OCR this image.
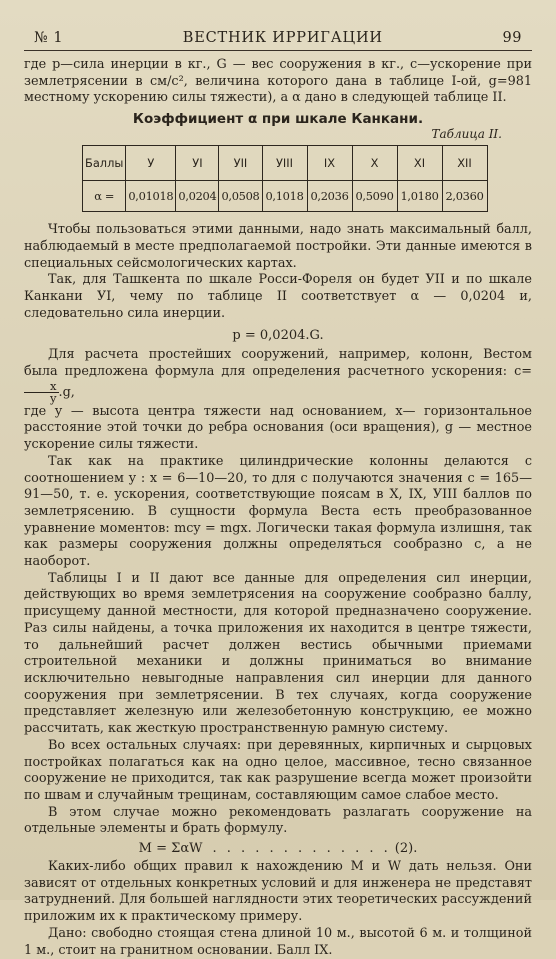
№ 1	ВЕСТНИК ИРРИГАЦИИ	99

где р—сила инерции в кг., G — вес сооружения в кг., с—ускорение при землетрясении в см/с², величина которого дана в таблице I-ой, g=981 местному ускорению силы тяжести), а α дано в следующей таблице II.

Коэффициент α при шкале Канкани.
Таблица II.
Баллы	У	УI	УII	УIII	IX	X	XI	XII
α =	0,01018	0,0204	0,0508	0,1018	0,2036	0,5090	1,0180	2,0360

Чтобы пользоваться этими данными, надо знать максимальный балл, наблюдаемый в месте предполагаемой постройки. Эти данные имеются в специальных сейсмологических картах.

Так, для Ташкента по шкале Росси-Фореля он будет УII и по шкале Канкани УI, чему по таблице II соответствует α — 0,0204 и, следовательно сила инерции.

р = 0,0204.G.

Для расчета простейших сооружений, например, колонн, Вестом была предложена формула для определения расчетного ускорения: с=
$\frac{x}{y} .g$,

где у — высота центра тяжести над основанием, х— горизонтальное расстояние этой точки до ребра основания (оси вращения), g — местное ускорение силы тяжести.

Так как на практике цилиндрические колонны делаются с соотношением у : х = 6—10—20, то для с получаются значения с = 165—91—50, т. е. ускорения, соответствующие поясам в X, IX, УIII баллов по землетрясению. В сущности формула Веста есть преобразованное уравнение моментов: mcy = mgx. Логически такая формула излишня, так как размеры сооружения должны определяться сообразно с, а не наоборот.

Таблицы I и II дают все данные для определения сил инерции, действующих во время землетрясения на сооружение сообразно баллу, присущему данной местности, для которой предназначено сооружение. Раз силы найдены, а точка приложения их находится в центре тяжести, то дальнейший расчет должен вестись обычными приемами строительной механики и должны приниматься во внимание исключительно невыгодные направления сил инерции для данного сооружения при землетрясении. В тех случаях, когда сооружение представляет железную или железобетонную конструкцию, ее можно рассчитать, как жесткую пространственную рамную систему.

Во всех остальных случаях: при деревянных, кирпичных и сырцовых постройках полагаться как на одно целое, массивное, тесно связанное сооружение не приходится, так как разрушение всегда может произойти по швам и случайным трещинам, составляющим самое слабое место.

В этом случае можно рекомендовать разлагать сооружение на отдельные элементы и брать формулу.

M = ΣαW . . . . . . . . . . . . . (2).

Каких-либо общих правил к нахождению M и W дать нельзя. Они зависят от отдельных конкретных условий и для инженера не представят затруднений. Для большей наглядности этих теоретических рассуждений приложим их к практическому примеру.

Дано: свободно стоящая стена длиной 10 м., высотой 6 м. и толщиной 1 м., стоит на гранитном основании. Балл IX.
